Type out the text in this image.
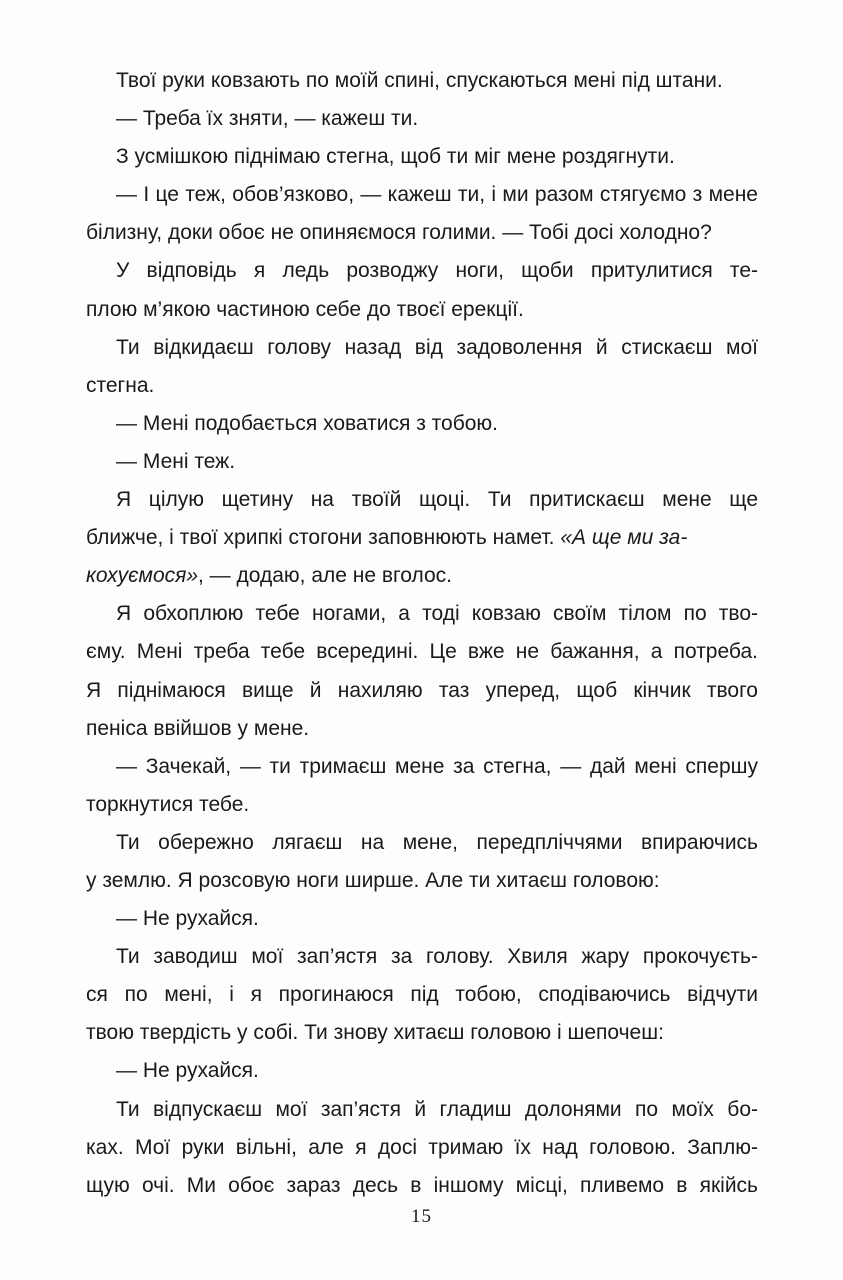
Твої руки ковзають по моїй спині, спускаються мені під штани.
— Треба їх зняти, — кажеш ти.
З усмішкою піднімаю стегна, щоб ти міг мене роздягнути.
— І це теж, обов’язково, — кажеш ти, і ми разом стягуємо з мене
білизну, доки обоє не опиняємося голими. — Тобі досі холодно?
У відповідь я ледь розводжу ноги, щоби притулитися те-
плою м’якою частиною себе до твоєї ерекції.
Ти відкидаєш голову назад від задоволення й стискаєш мої
стегна.
— Мені подобається ховатися з тобою.
— Мені теж.
Я цілую щетину на твоїй щоці. Ти притискаєш мене ще
ближче, і твої хрипкі стогони заповнюють намет. «А ще ми за-
кохуємося», — додаю, але не вголос.
Я обхоплюю тебе ногами, а тоді ковзаю своїм тілом по тво-
єму. Мені треба тебе всередині. Це вже не бажання, а потреба.
Я піднімаюся вище й нахиляю таз уперед, щоб кінчик твого
пеніса ввійшов у мене.
— Зачекай, — ти тримаєш мене за стегна, — дай мені спершу
торкнутися тебе.
Ти обережно лягаєш на мене, передпліччями впираючись
у землю. Я розсовую ноги ширше. Але ти хитаєш головою:
— Не рухайся.
Ти заводиш мої зап’ястя за голову. Хвиля жару прокочуєть-
ся по мені, і я прогинаюся під тобою, сподіваючись відчути
твою твердість у собі. Ти знову хитаєш головою і шепочеш:
— Не рухайся.
Ти відпускаєш мої зап’ястя й гладиш долонями по моїх бо-
ках. Мої руки вільні, але я досі тримаю їх над головою. Заплю-
щую очі. Ми обоє зараз десь в іншому місці, пливемо в якійсь
15
